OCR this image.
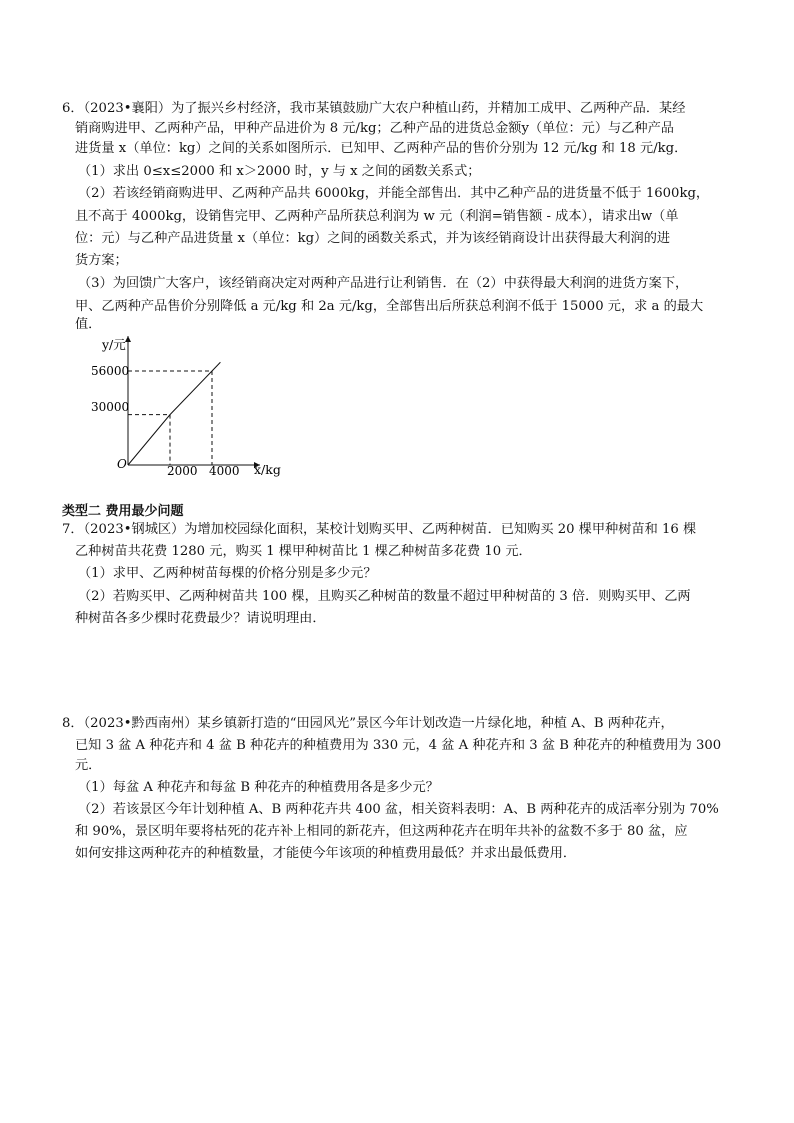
6．（2023•襄阳）为了振兴乡村经济，我市某镇鼓励广大农户种植山药，并精加工成甲、乙两种产品．某经
销商购进甲、乙两种产品，甲种产品进价为 8 元/kg；乙种产品的进货总金额y（单位：元）与乙种产品
进货量 x（单位：kg）之间的关系如图所示．已知甲、乙两种产品的售价分别为 12 元/kg 和 18 元/kg．
（1）求出 0≤x≤2000 和 x＞2000 时，y 与 x 之间的函数关系式；
（2）若该经销商购进甲、乙两种产品共 6000kg，并能全部售出．其中乙种产品的进货量不低于 1600kg，
且不高于 4000kg，设销售完甲、乙两种产品所获总利润为 w 元（利润=销售额 - 成本），请求出w（单
位：元）与乙种产品进货量 x（单位：kg）之间的函数关系式，并为该经销商设计出获得最大利润的进
货方案；
（3）为回馈广大客户，该经销商决定对两种产品进行让利销售．在（2）中获得最大利润的进货方案下，
甲、乙两种产品售价分别降低 a 元/kg 和 2a 元/kg，全部售出后所获总利润不低于 15000 元，求 a 的最大
值．
y/元
x/kg
O
56000
30000
2000 4000
类型二 费用最少问题
7．（2023•钢城区）为增加校园绿化面积，某校计划购买甲、乙两种树苗．已知购买 20 棵甲种树苗和 16 棵
乙种树苗共花费 1280 元，购买 1 棵甲种树苗比 1 棵乙种树苗多花费 10 元．
（1）求甲、乙两种树苗每棵的价格分别是多少元？
（2）若购买甲、乙两种树苗共 100 棵，且购买乙种树苗的数量不超过甲种树苗的 3 倍．则购买甲、乙两
种树苗各多少棵时花费最少？请说明理由．
8．（2023•黔西南州）某乡镇新打造的“田园风光”景区今年计划改造一片绿化地，种植 A、B 两种花卉，
已知 3 盆 A 种花卉和 4 盆 B 种花卉的种植费用为 330 元，4 盆 A 种花卉和 3 盆 B 种花卉的种植费用为 300
元．
（1）每盆 A 种花卉和每盆 B 种花卉的种植费用各是多少元？
（2）若该景区今年计划种植 A、B 两种花卉共 400 盆，相关资料表明：A、B 两种花卉的成活率分别为 70%
和 90%，景区明年要将枯死的花卉补上相同的新花卉，但这两种花卉在明年共补的盆数不多于 80 盆，应
如何安排这两种花卉的种植数量，才能使今年该项的种植费用最低？并求出最低费用．
